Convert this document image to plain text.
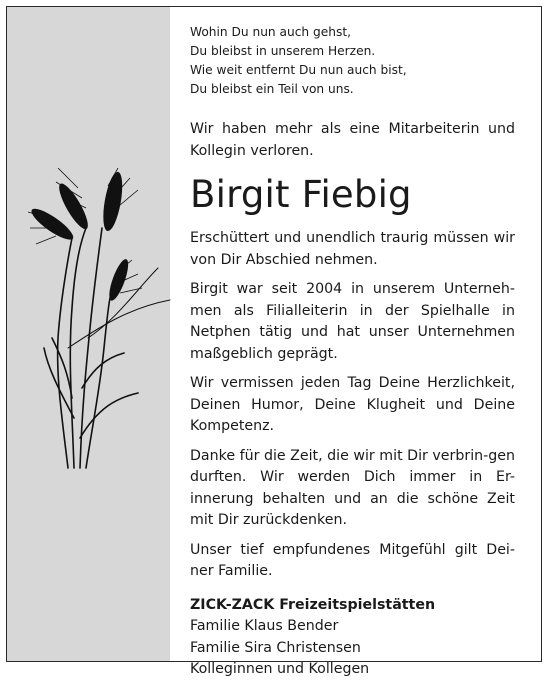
Wohin Du nun auch gehst,
Du bleibst in unserem Herzen.
Wie weit entfernt Du nun auch bist,
Du bleibst ein Teil von uns.

Wir haben mehr als eine Mitarbeiterin und Kollegin verloren.

Birgit Fiebig

Erschüttert und unendlich traurig müssen wir von Dir Abschied nehmen.

Birgit war seit 2004 in unserem Unterneh-men als Filialleiterin in der Spielhalle in Netphen tätig und hat unser Unternehmen maßgeblich geprägt.

Wir vermissen jeden Tag Deine Herzlichkeit, Deinen Humor, Deine Klugheit und Deine Kompetenz.

Danke für die Zeit, die wir mit Dir verbrin-gen durften. Wir werden Dich immer in Er-innerung behalten und an die schöne Zeit mit Dir zurückdenken.

Unser tief empfundenes Mitgefühl gilt Dei-ner Familie.

ZICK-ZACK Freizeitspielstätten
Familie Klaus Bender
Familie Sira Christensen
Kolleginnen und Kollegen
